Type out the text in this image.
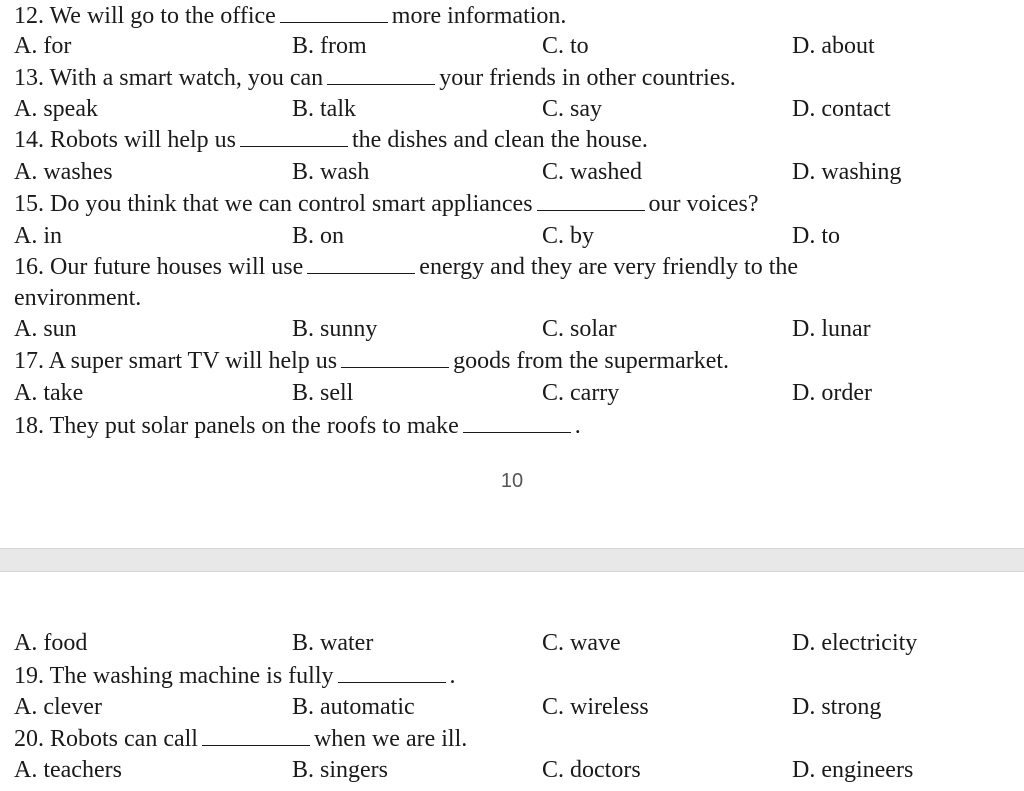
12. We will go to the office	more information.
A. for	B. from	C. to	D. about
13. With a smart watch, you can	your friends in other countries.
A. speak	B. talk	C. say	D. contact
14. Robots will help us	the dishes and clean the house.
A. washes	B. wash	C. washed	D. washing
15. Do you think that we can control smart appliances	our voices?
A. in	B. on	C. by	D. to
16. Our future houses will use	energy and they are very friendly to the
environment.
A. sun	B. sunny	C. solar	D. lunar
17. A super smart TV will help us	goods from the supermarket.
A. take	B. sell	C. carry	D. order
18. They put solar panels on the roofs to make	.
10
A. food	B. water	C. wave	D. electricity
19. The washing machine is fully	.
A. clever	B. automatic	C. wireless	D. strong
20. Robots can call	when we are ill.
A. teachers	B. singers	C. doctors	D. engineers
